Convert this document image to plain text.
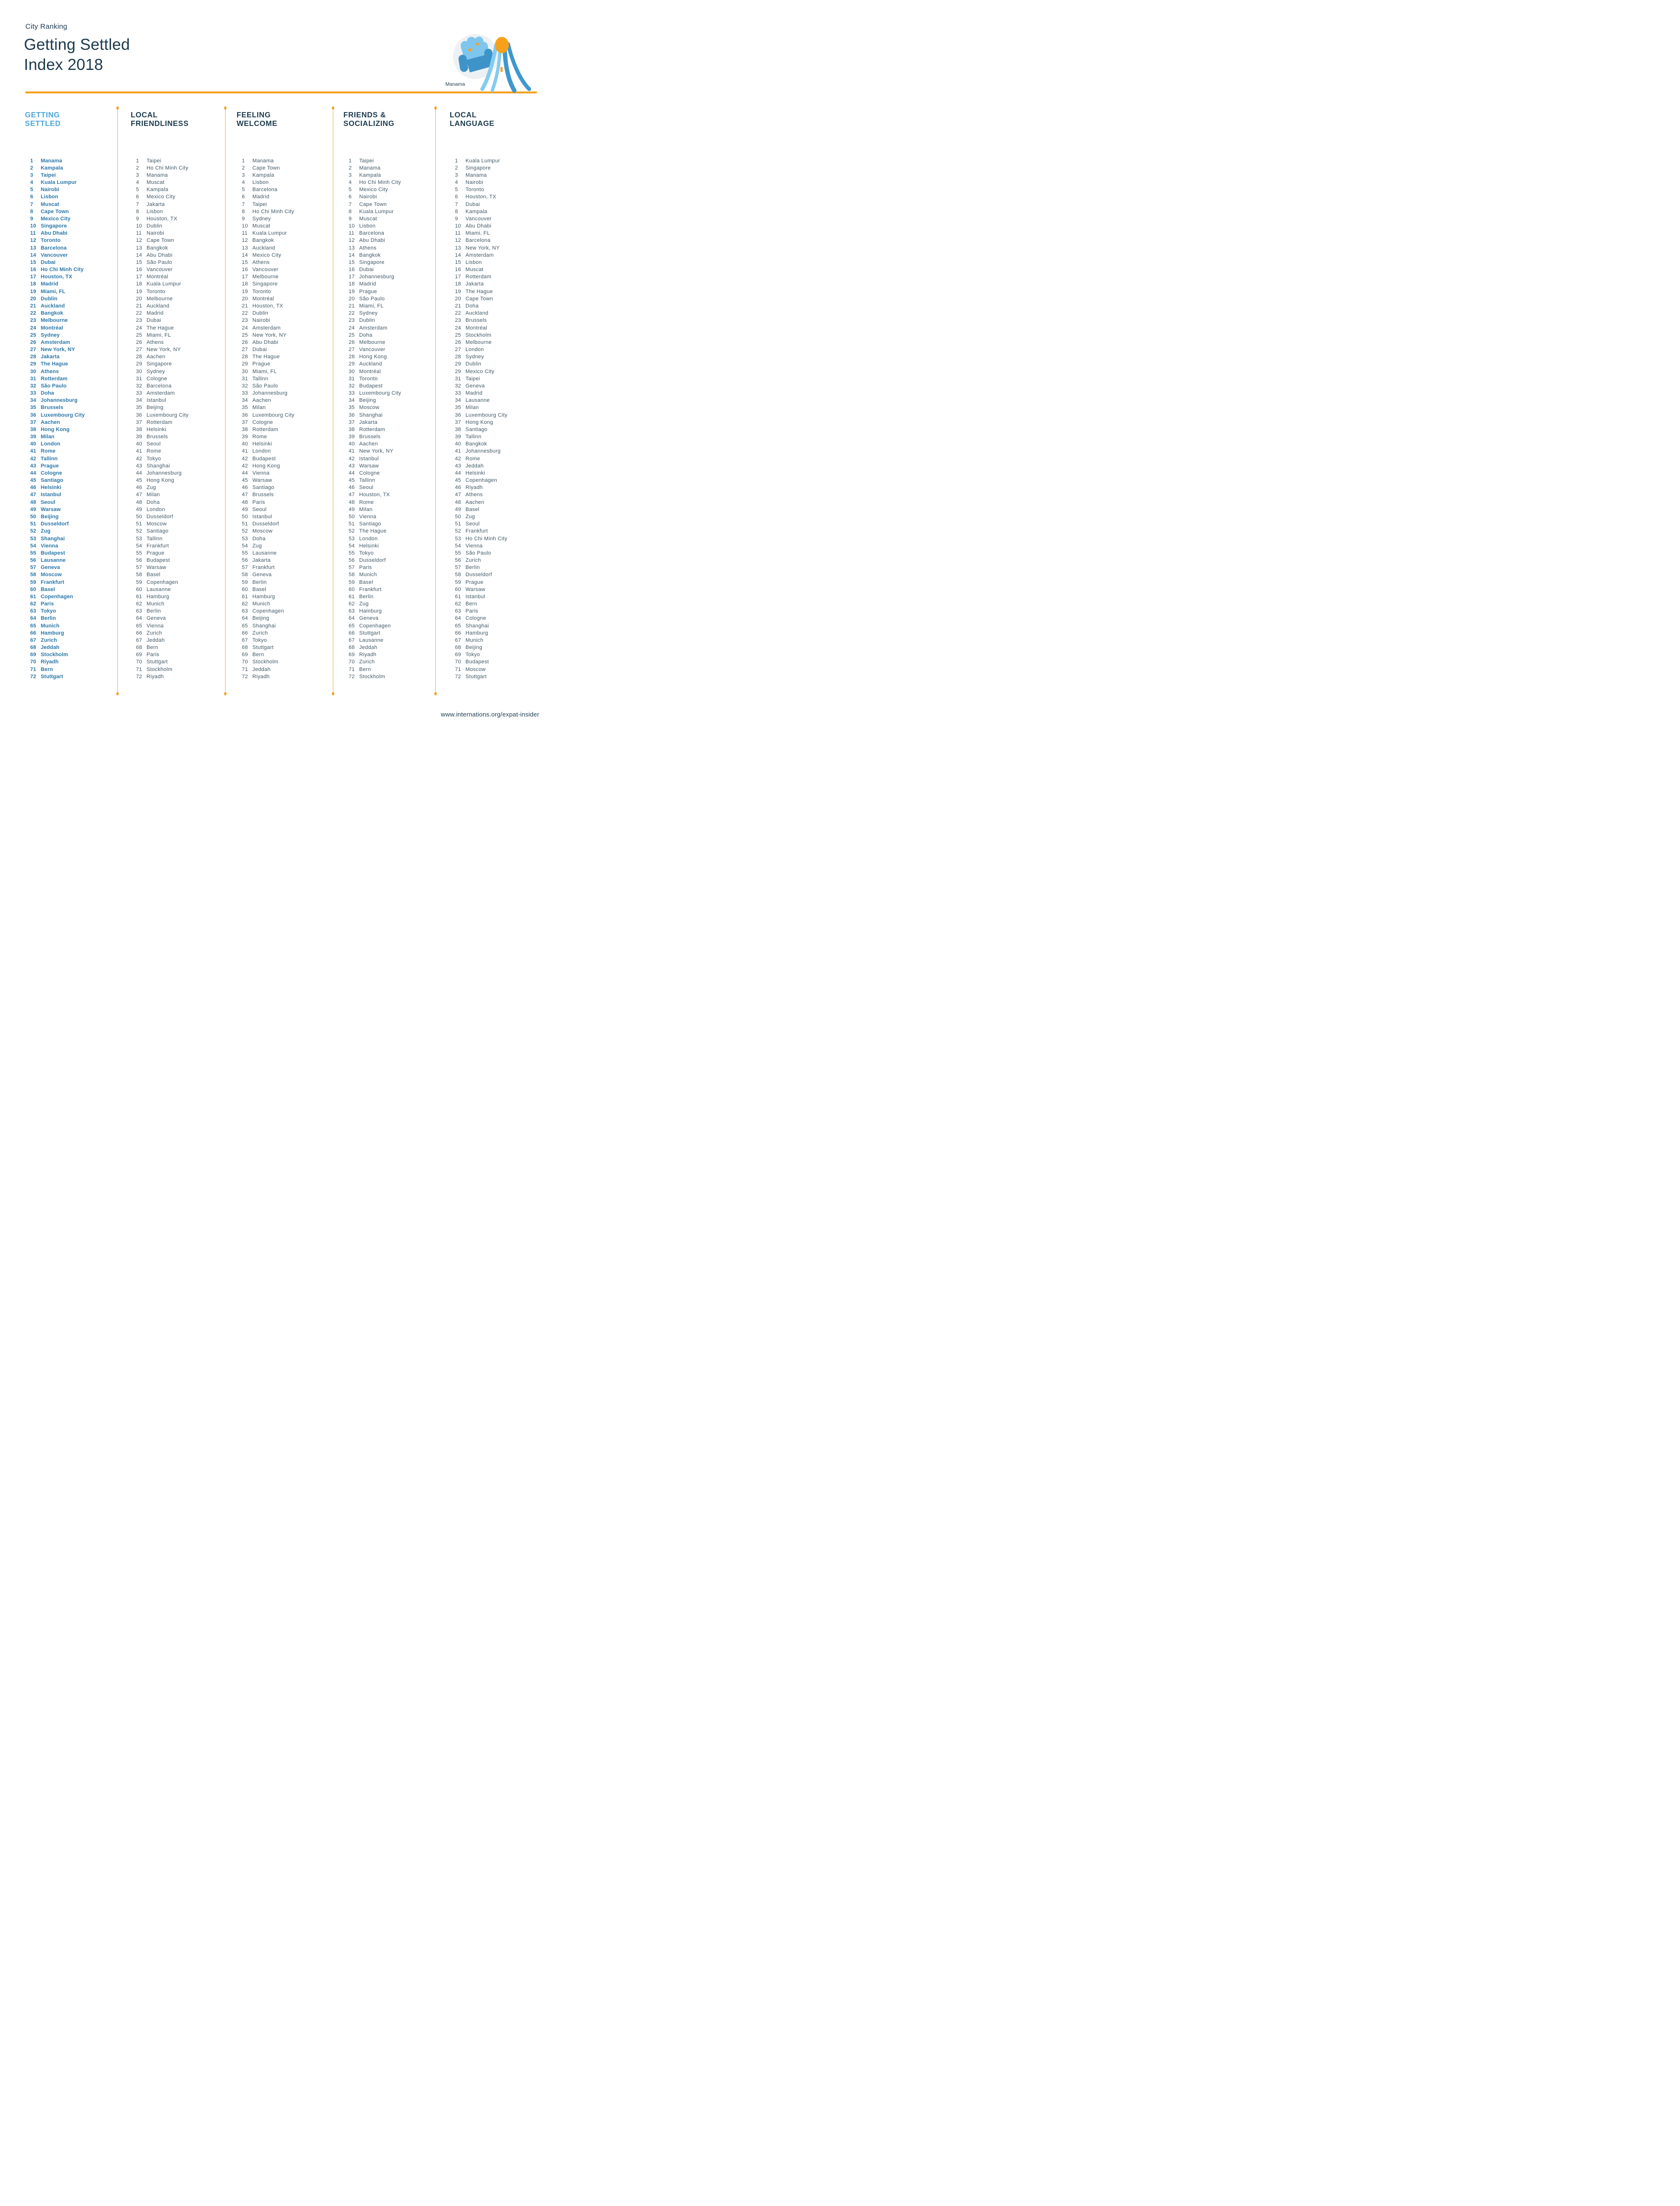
City Ranking
Getting Settled
Index 2018
Manama
GETTING
SETTLED
1 Manama
2 Kampala
3 Taipei
4 Kuala Lumpur
5 Nairobi
6 Lisbon
7 Muscat
8 Cape Town
9 Mexico City
10 Singapore
11 Abu Dhabi
12 Toronto
13 Barcelona
14 Vancouver
15 Dubai
16 Ho Chi Minh City
17 Houston, TX
18 Madrid
19 Miami, FL
20 Dublin
21 Auckland
22 Bangkok
23 Melbourne
24 Montréal
25 Sydney
26 Amsterdam
27 New York, NY
28 Jakarta
29 The Hague
30 Athens
31 Rotterdam
32 São Paulo
33 Doha
34 Johannesburg
35 Brussels
36 Luxembourg City
37 Aachen
38 Hong Kong
39 Milan
40 London
41 Rome
42 Tallinn
43 Prague
44 Cologne
45 Santiago
46 Helsinki
47 Istanbul
48 Seoul
49 Warsaw
50 Beijing
51 Dusseldorf
52 Zug
53 Shanghai
54 Vienna
55 Budapest
56 Lausanne
57 Geneva
58 Moscow
59 Frankfurt
60 Basel
61 Copenhagen
62 Paris
63 Tokyo
64 Berlin
65 Munich
66 Hamburg
67 Zurich
68 Jeddah
69 Stockholm
70 Riyadh
71 Bern
72 Stuttgart
LOCAL
FRIENDLINESS
1 Taipei
2 Ho Chi Minh City
3 Manama
4 Muscat
5 Kampala
6 Mexico City
7 Jakarta
8 Lisbon
9 Houston, TX
10 Dublin
11 Nairobi
12 Cape Town
13 Bangkok
14 Abu Dhabi
15 São Paulo
16 Vancouver
17 Montréal
18 Kuala Lumpur
19 Toronto
20 Melbourne
21 Auckland
22 Madrid
23 Dubai
24 The Hague
25 Miami, FL
26 Athens
27 New York, NY
28 Aachen
29 Singapore
30 Sydney
31 Cologne
32 Barcelona
33 Amsterdam
34 Istanbul
35 Beijing
36 Luxembourg City
37 Rotterdam
38 Helsinki
39 Brussels
40 Seoul
41 Rome
42 Tokyo
43 Shanghai
44 Johannesburg
45 Hong Kong
46 Zug
47 Milan
48 Doha
49 London
50 Dusseldorf
51 Moscow
52 Santiago
53 Tallinn
54 Frankfurt
55 Prague
56 Budapest
57 Warsaw
58 Basel
59 Copenhagen
60 Lausanne
61 Hamburg
62 Munich
63 Berlin
64 Geneva
65 Vienna
66 Zurich
67 Jeddah
68 Bern
69 Paris
70 Stuttgart
71 Stockholm
72 Riyadh
FEELING
WELCOME
1 Manama
2 Cape Town
3 Kampala
4 Lisbon
5 Barcelona
6 Madrid
7 Taipei
8 Ho Chi Minh City
9 Sydney
10 Muscat
11 Kuala Lumpur
12 Bangkok
13 Auckland
14 Mexico City
15 Athens
16 Vancouver
17 Melbourne
18 Singapore
19 Toronto
20 Montréal
21 Houston, TX
22 Dublin
23 Nairobi
24 Amsterdam
25 New York, NY
26 Abu Dhabi
27 Dubai
28 The Hague
29 Prague
30 Miami, FL
31 Tallinn
32 São Paulo
33 Johannesburg
34 Aachen
35 Milan
36 Luxembourg City
37 Cologne
38 Rotterdam
39 Rome
40 Helsinki
41 London
42 Budapest
42 Hong Kong
44 Vienna
45 Warsaw
46 Santiago
47 Brussels
48 Paris
49 Seoul
50 Istanbul
51 Dusseldorf
52 Moscow
53 Doha
54 Zug
55 Lausanne
56 Jakarta
57 Frankfurt
58 Geneva
59 Berlin
60 Basel
61 Hamburg
62 Munich
63 Copenhagen
64 Beijing
65 Shanghai
66 Zurich
67 Tokyo
68 Stuttgart
69 Bern
70 Stockholm
71 Jeddah
72 Riyadh
FRIENDS &
SOCIALIZING
1 Taipei
2 Manama
3 Kampala
4 Ho Chi Minh City
5 Mexico City
6 Nairobi
7 Cape Town
8 Kuala Lumpur
9 Muscat
10 Lisbon
11 Barcelona
12 Abu Dhabi
13 Athens
14 Bangkok
15 Singapore
16 Dubai
17 Johannesburg
18 Madrid
19 Prague
20 São Paulo
21 Miami, FL
22 Sydney
23 Dublin
24 Amsterdam
25 Doha
26 Melbourne
27 Vancouver
28 Hong Kong
29 Auckland
30 Montréal
31 Toronto
32 Budapest
33 Luxembourg City
34 Beijing
35 Moscow
36 Shanghai
37 Jakarta
38 Rotterdam
39 Brussels
40 Aachen
41 New York, NY
42 Istanbul
43 Warsaw
44 Cologne
45 Tallinn
46 Seoul
47 Houston, TX
48 Rome
49 Milan
50 Vienna
51 Santiago
52 The Hague
53 London
54 Helsinki
55 Tokyo
56 Dusseldorf
57 Paris
58 Munich
59 Basel
60 Frankfurt
61 Berlin
62 Zug
63 Hamburg
64 Geneva
65 Copenhagen
66 Stuttgart
67 Lausanne
68 Jeddah
69 Riyadh
70 Zurich
71 Bern
72 Stockholm
LOCAL
LANGUAGE
1 Kuala Lumpur
2 Singapore
3 Manama
4 Nairobi
5 Toronto
6 Houston, TX
7 Dubai
8 Kampala
9 Vancouver
10 Abu Dhabi
11 Miami, FL
12 Barcelona
13 New York, NY
14 Amsterdam
15 Lisbon
16 Muscat
17 Rotterdam
18 Jakarta
19 The Hague
20 Cape Town
21 Doha
22 Auckland
23 Brussels
24 Montréal
25 Stockholm
26 Melbourne
27 London
28 Sydney
29 Dublin
29 Mexico City
31 Taipei
32 Geneva
33 Madrid
34 Lausanne
35 Milan
36 Luxembourg City
37 Hong Kong
38 Santiago
39 Tallinn
40 Bangkok
41 Johannesburg
42 Rome
43 Jeddah
44 Helsinki
45 Copenhagen
46 Riyadh
47 Athens
48 Aachen
49 Basel
50 Zug
51 Seoul
52 Frankfurt
53 Ho Chi Minh City
54 Vienna
55 São Paulo
56 Zurich
57 Berlin
58 Dusseldorf
59 Prague
60 Warsaw
61 Istanbul
62 Bern
63 Paris
64 Cologne
65 Shanghai
66 Hamburg
67 Munich
68 Beijing
69 Tokyo
70 Budapest
71 Moscow
72 Stuttgart
www.internations.org/expat-insider
